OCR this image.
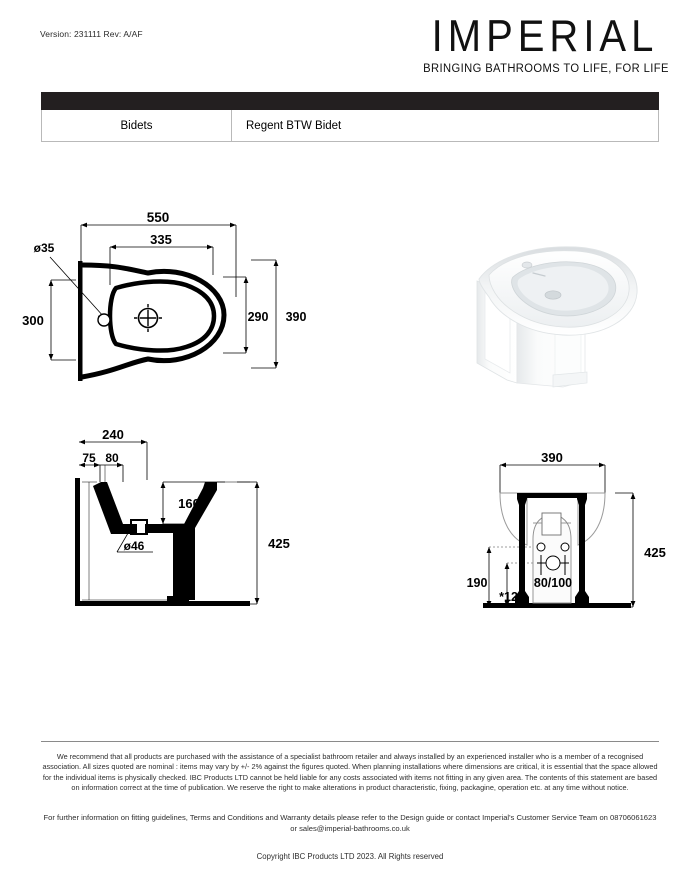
Version: 231111 Rev: A/AF	IMPERIAL
BRINGING BATHROOMS TO LIFE, FOR LIFE
Bidets	Regent BTW Bidet
550
335
300	290 390
ø35
240
75 80
160
ø46	425
390
425
190
*120
80/100
We recommend that all products are purchased with the assistance of a specialist bathroom retailer and always installed by an experienced installer who is a member of a recognised association. All sizes quoted are nominal : items may vary by +/- 2% against the figures quoted. When planning installations where dimensions are critical, it is essential that the space allowed for the individual items is physically checked. IBC Products LTD cannot be held liable for any costs associated with items not fitting in any given area. The contents of this statement are based on information correct at the time of publication. We reserve the right to make alterations in product characteristic, fixing, packagine, operation etc. at any time without notice.
For further information on fitting guidelines, Terms and Conditions and Warranty details please refer to the Design guide or contact Imperial's Customer Service Team on 08706061623 or sales@imperial-bathrooms.co.uk
Copyright IBC Products LTD 2023. All Rights reserved
